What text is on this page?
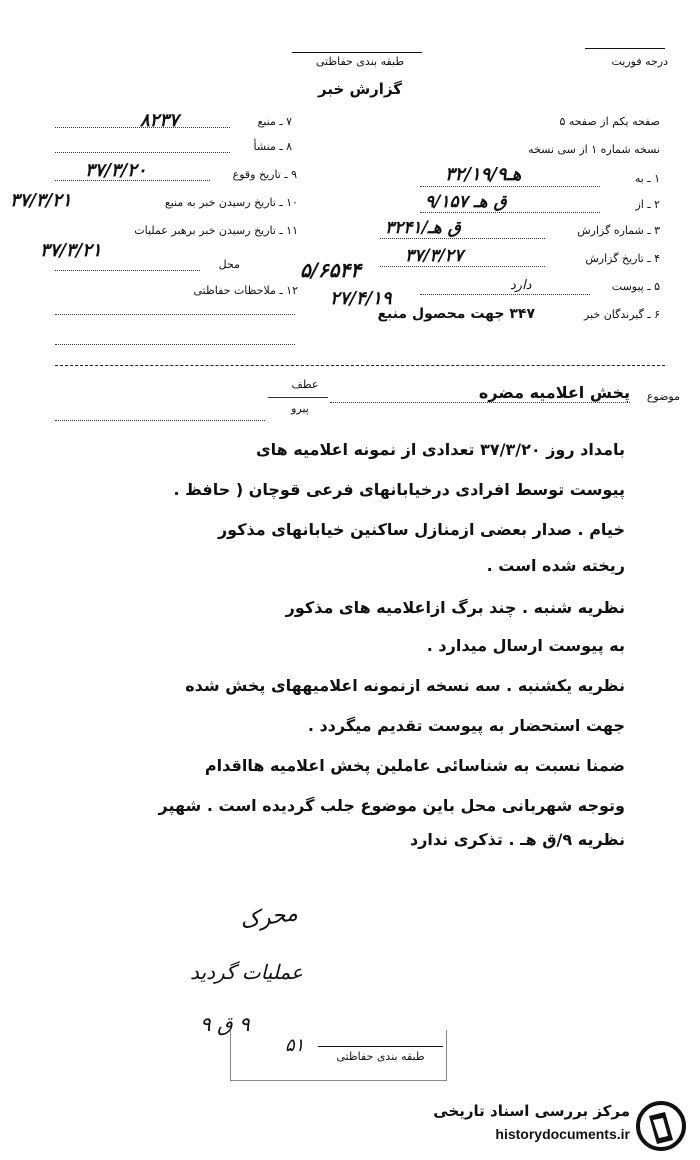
طبقه بندی حفاظتی
گزارش خبر
درجه فوریت
۷ ـ منبع
۸۲۳۷
۸ ـ منشأ
۹ ـ تاریخ وقوع
۳۷/۳/۲۰
۱۰ ـ تاریخ رسیدن خبر به منبع
۳۷/۳/۲۱
۱۱ ـ تاریخ رسیدن خبر برهبر عملیات
۳۷/۳/۲۱
محل
۱۲ ـ ملاحظات حفاظتی
صفحه یکم از صفحه ۵
نسخه شماره ۱ از سی نسخه
۱ ـ به
۳۲/۱۹/۹هـ
۲ ـ از
۹/ق هـ ۱۵۷
۳ ـ شماره گزارش
۳۲۴۱/ق هـ
۴ ـ تاریخ گزارش
۳۷/۳/۲۷
۵/۶۵۴۴
۲۷/۴/۱۹
۵ ـ پیوست
دارد
۶ ـ گیرندگان خبر
۳۴۷ جهت محصول منبع
موضوع
پخش اعلامیه مضره
عطف
پیرو
بامداد روز ۳۷/۳/۲۰ تعدادی از نمونه اعلامیه های
پیوست توسط افرادی درخیابانهای فرعی قوچان ( حافظ .
خیام . صدار بعضی ازمنازل ساکنین خیابانهای مذکور
ریخته شده است .
نظریه شنبه . چند برگ ازاعلامیه های مذکور
به پیوست ارسال میدارد .
نظریه یکشنبه . سه نسخه ازنمونه اعلامیههای پخش شده
جهت استحضار به پیوست تقدیم میگردد .
ضمنا نسبت به شناسائی عاملین پخش اعلامیه هااقدام
وتوجه شهربانی محل باین موضوع جلب گردیده است . شهپر
نظریه ۹/ق هـ . تذکری ندارد
محرک
عملیات گردید
۹ ق ۹
۵۱
طبقه بندی حفاظتی
مرکز بررسی اسناد تاریخی
historydocuments.ir
